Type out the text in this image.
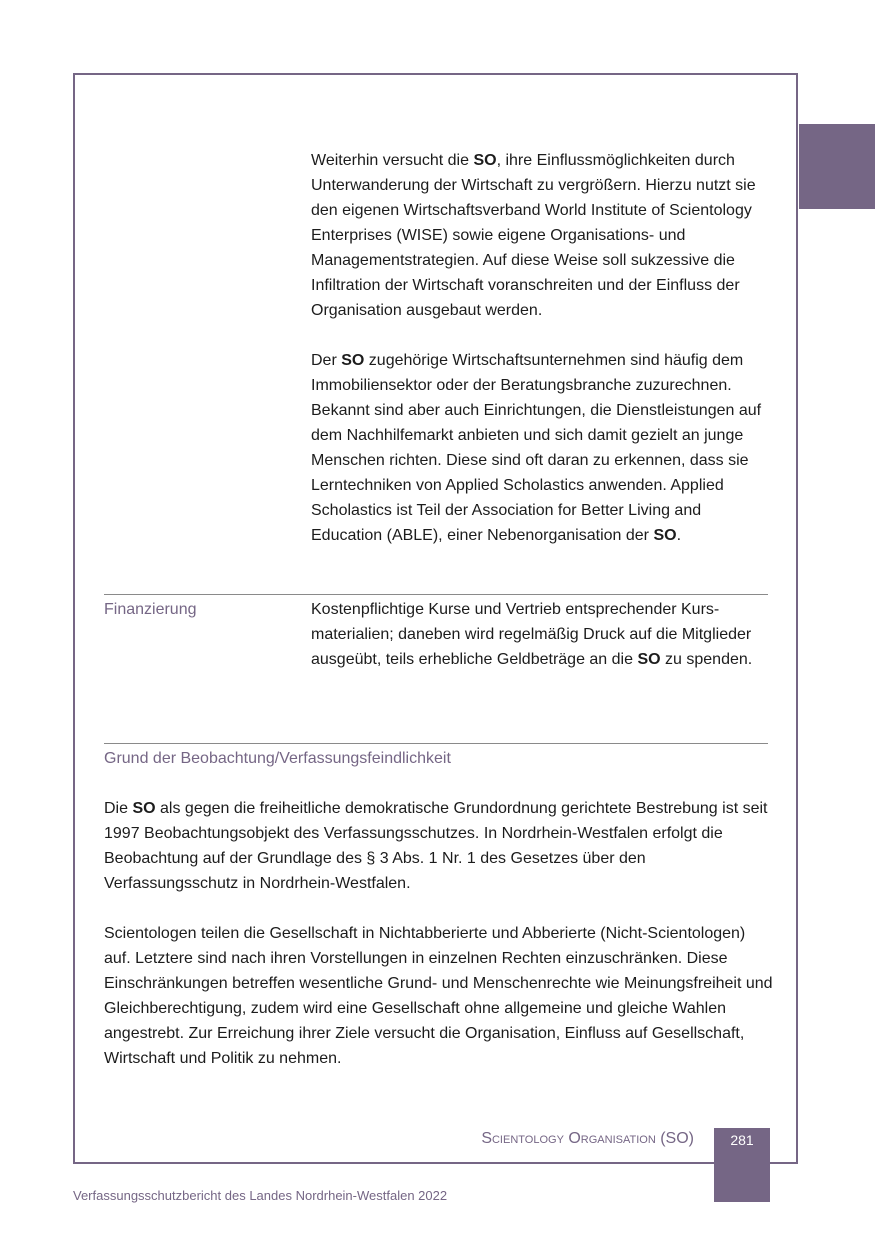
Weiterhin versucht die SO, ihre Einflussmöglichkeiten durch Unterwanderung der Wirtschaft zu vergrößern. Hierzu nutzt sie den eigenen Wirtschaftsverband World Institute of Scientology Enterprises (WISE) sowie eigene Organisations- und Managementstrategien. Auf diese Weise soll sukzessive die Infiltration der Wirtschaft voranschreiten und der Einfluss der Organisation ausgebaut werden.

Der SO zugehörige Wirtschaftsunternehmen sind häufig dem Immobiliensektor oder der Beratungsbranche zuzurechnen. Bekannt sind aber auch Einrichtungen, die Dienstleistungen auf dem Nachhilfemarkt anbieten und sich damit gezielt an junge Menschen richten. Diese sind oft daran zu erkennen, dass sie Lerntechniken von Applied Scholastics anwenden. Applied Scholastics ist Teil der Association for Better Living and Education (ABLE), einer Nebenorganisation der SO.

Finanzierung	Kostenpflichtige Kurse und Vertrieb entsprechender Kursmaterialien; daneben wird regelmäßig Druck auf die Mitglieder ausgeübt, teils erhebliche Geldbeträge an die SO zu spenden.

Grund der Beobachtung/Verfassungsfeindlichkeit

Die SO als gegen die freiheitliche demokratische Grundordnung gerichtete Bestrebung ist seit 1997 Beobachtungsobjekt des Verfassungsschutzes. In Nordrhein-Westfalen erfolgt die Beobachtung auf der Grundlage des § 3 Abs. 1 Nr. 1 des Gesetzes über den Verfassungsschutz in Nordrhein-Westfalen.

Scientologen teilen die Gesellschaft in Nichtabberierte und Abberierte (Nicht-Scientologen) auf. Letztere sind nach ihren Vorstellungen in einzelnen Rechten einzuschränken. Diese Einschränkungen betreffen wesentliche Grund- und Menschenrechte wie Meinungsfreiheit und Gleichberechtigung, zudem wird eine Gesellschaft ohne allgemeine und gleiche Wahlen angestrebt. Zur Erreichung ihrer Ziele versucht die Organisation, Einfluss auf Gesellschaft, Wirtschaft und Politik zu nehmen.

Scientology Organisation (SO)	281

Verfassungsschutzbericht des Landes Nordrhein-Westfalen 2022
